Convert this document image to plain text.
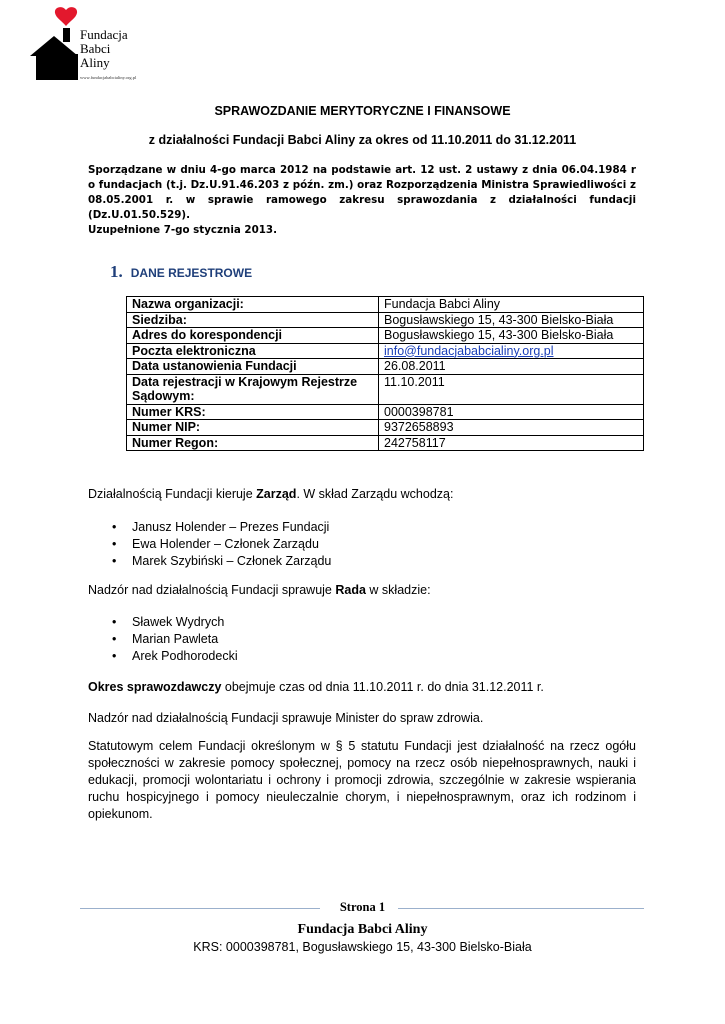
Fundacja
Babci
Aliny
www.fundacjababcialiny.org.pl
SPRAWOZDANIE MERYTORYCZNE I FINANSOWE
z działalności Fundacji Babci Aliny za okres od 11.10.2011 do 31.12.2011
Sporządzane w dniu 4-go marca 2012 na podstawie art. 12 ust. 2 ustawy z dnia 06.04.1984 r o fundacjach (t.j. Dz.U.91.46.203 z późn. zm.) oraz Rozporządzenia Ministra Sprawiedliwości z 08.05.2001 r. w sprawie ramowego zakresu sprawozdania z działalności fundacji (Dz.U.01.50.529).
Uzupełnione 7-go stycznia 2013.
1. DANE REJESTROWE
Nazwa organizacji:	Fundacja Babci Aliny
Siedziba:	Bogusławskiego 15, 43-300 Bielsko-Biała
Adres do korespondencji	Bogusławskiego 15, 43-300 Bielsko-Biała
Poczta elektroniczna	info@fundacjababcialiny.org.pl
Data ustanowienia Fundacji	26.08.2011
Data rejestracji w Krajowym Rejestrze Sądowym:	11.10.2011
Numer KRS:	0000398781
Numer NIP:	9372658893
Numer Regon:	242758117
Działalnością Fundacji kieruje Zarząd. W skład Zarządu wchodzą:
• Janusz Holender – Prezes Fundacji
• Ewa Holender – Członek Zarządu
• Marek Szybiński – Członek Zarządu
Nadzór nad działalnością Fundacji sprawuje Rada w składzie:
• Sławek Wydrych
• Marian Pawleta
• Arek Podhorodecki
Okres sprawozdawczy obejmuje czas od dnia 11.10.2011 r. do dnia 31.12.2011 r.
Nadzór nad działalnością Fundacji sprawuje Minister do spraw zdrowia.
Statutowym celem Fundacji określonym w § 5 statutu Fundacji jest działalność na rzecz ogółu społeczności w zakresie pomocy społecznej, pomocy na rzecz osób niepełnosprawnych, nauki i edukacji, promocji wolontariatu i ochrony i promocji zdrowia, szczególnie w zakresie wspierania ruchu hospicyjnego i pomocy nieuleczalnie chorym, i niepełnosprawnym, oraz ich rodzinom i opiekunom.
Strona 1
Fundacja Babci Aliny
KRS: 0000398781, Bogusławskiego 15, 43-300 Bielsko-Biała
